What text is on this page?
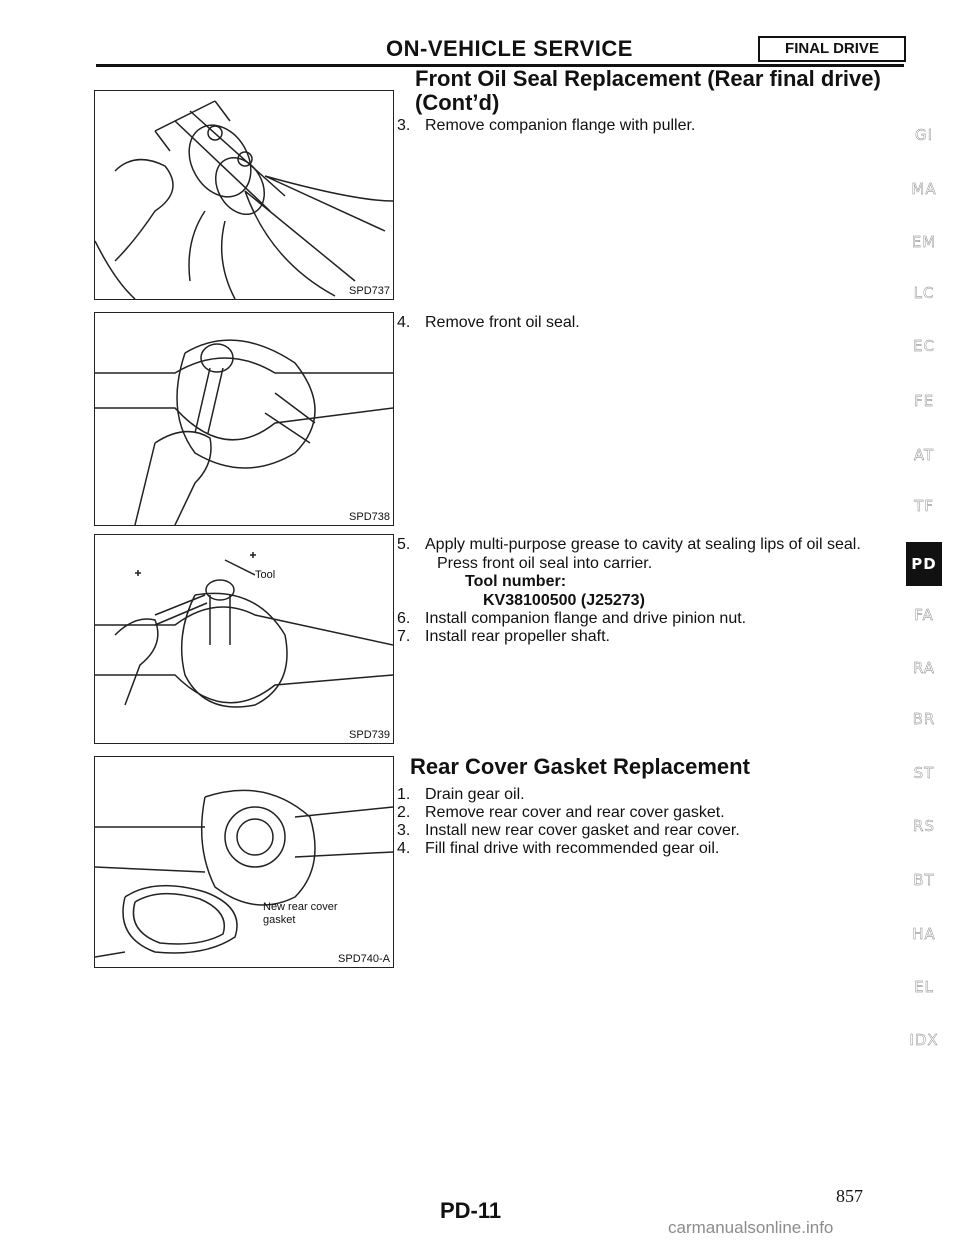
ON-VEHICLE SERVICE	FINAL DRIVE
Front Oil Seal Replacement (Rear final drive)
(Cont’d)
3. Remove companion flange with puller.
4. Remove front oil seal.
5. Apply multi-purpose grease to cavity at sealing lips of oil seal.
Press front oil seal into carrier.
Tool number:
KV38100500 (J25273)
6. Install companion flange and drive pinion nut.
7. Install rear propeller shaft.
Rear Cover Gasket Replacement
1. Drain gear oil.
2. Remove rear cover and rear cover gasket.
3. Install new rear cover gasket and rear cover.
4. Fill final drive with recommended gear oil.
SPD737
SPD738
Tool
SPD739
New rear cover
gasket
SPD740-A
GI
MA
EM
LC
EC
FE
AT
TF
PD
FA
RA
BR
ST
RS
BT
HA
EL
IDX
PD-11
857
carmanualsonline.info
